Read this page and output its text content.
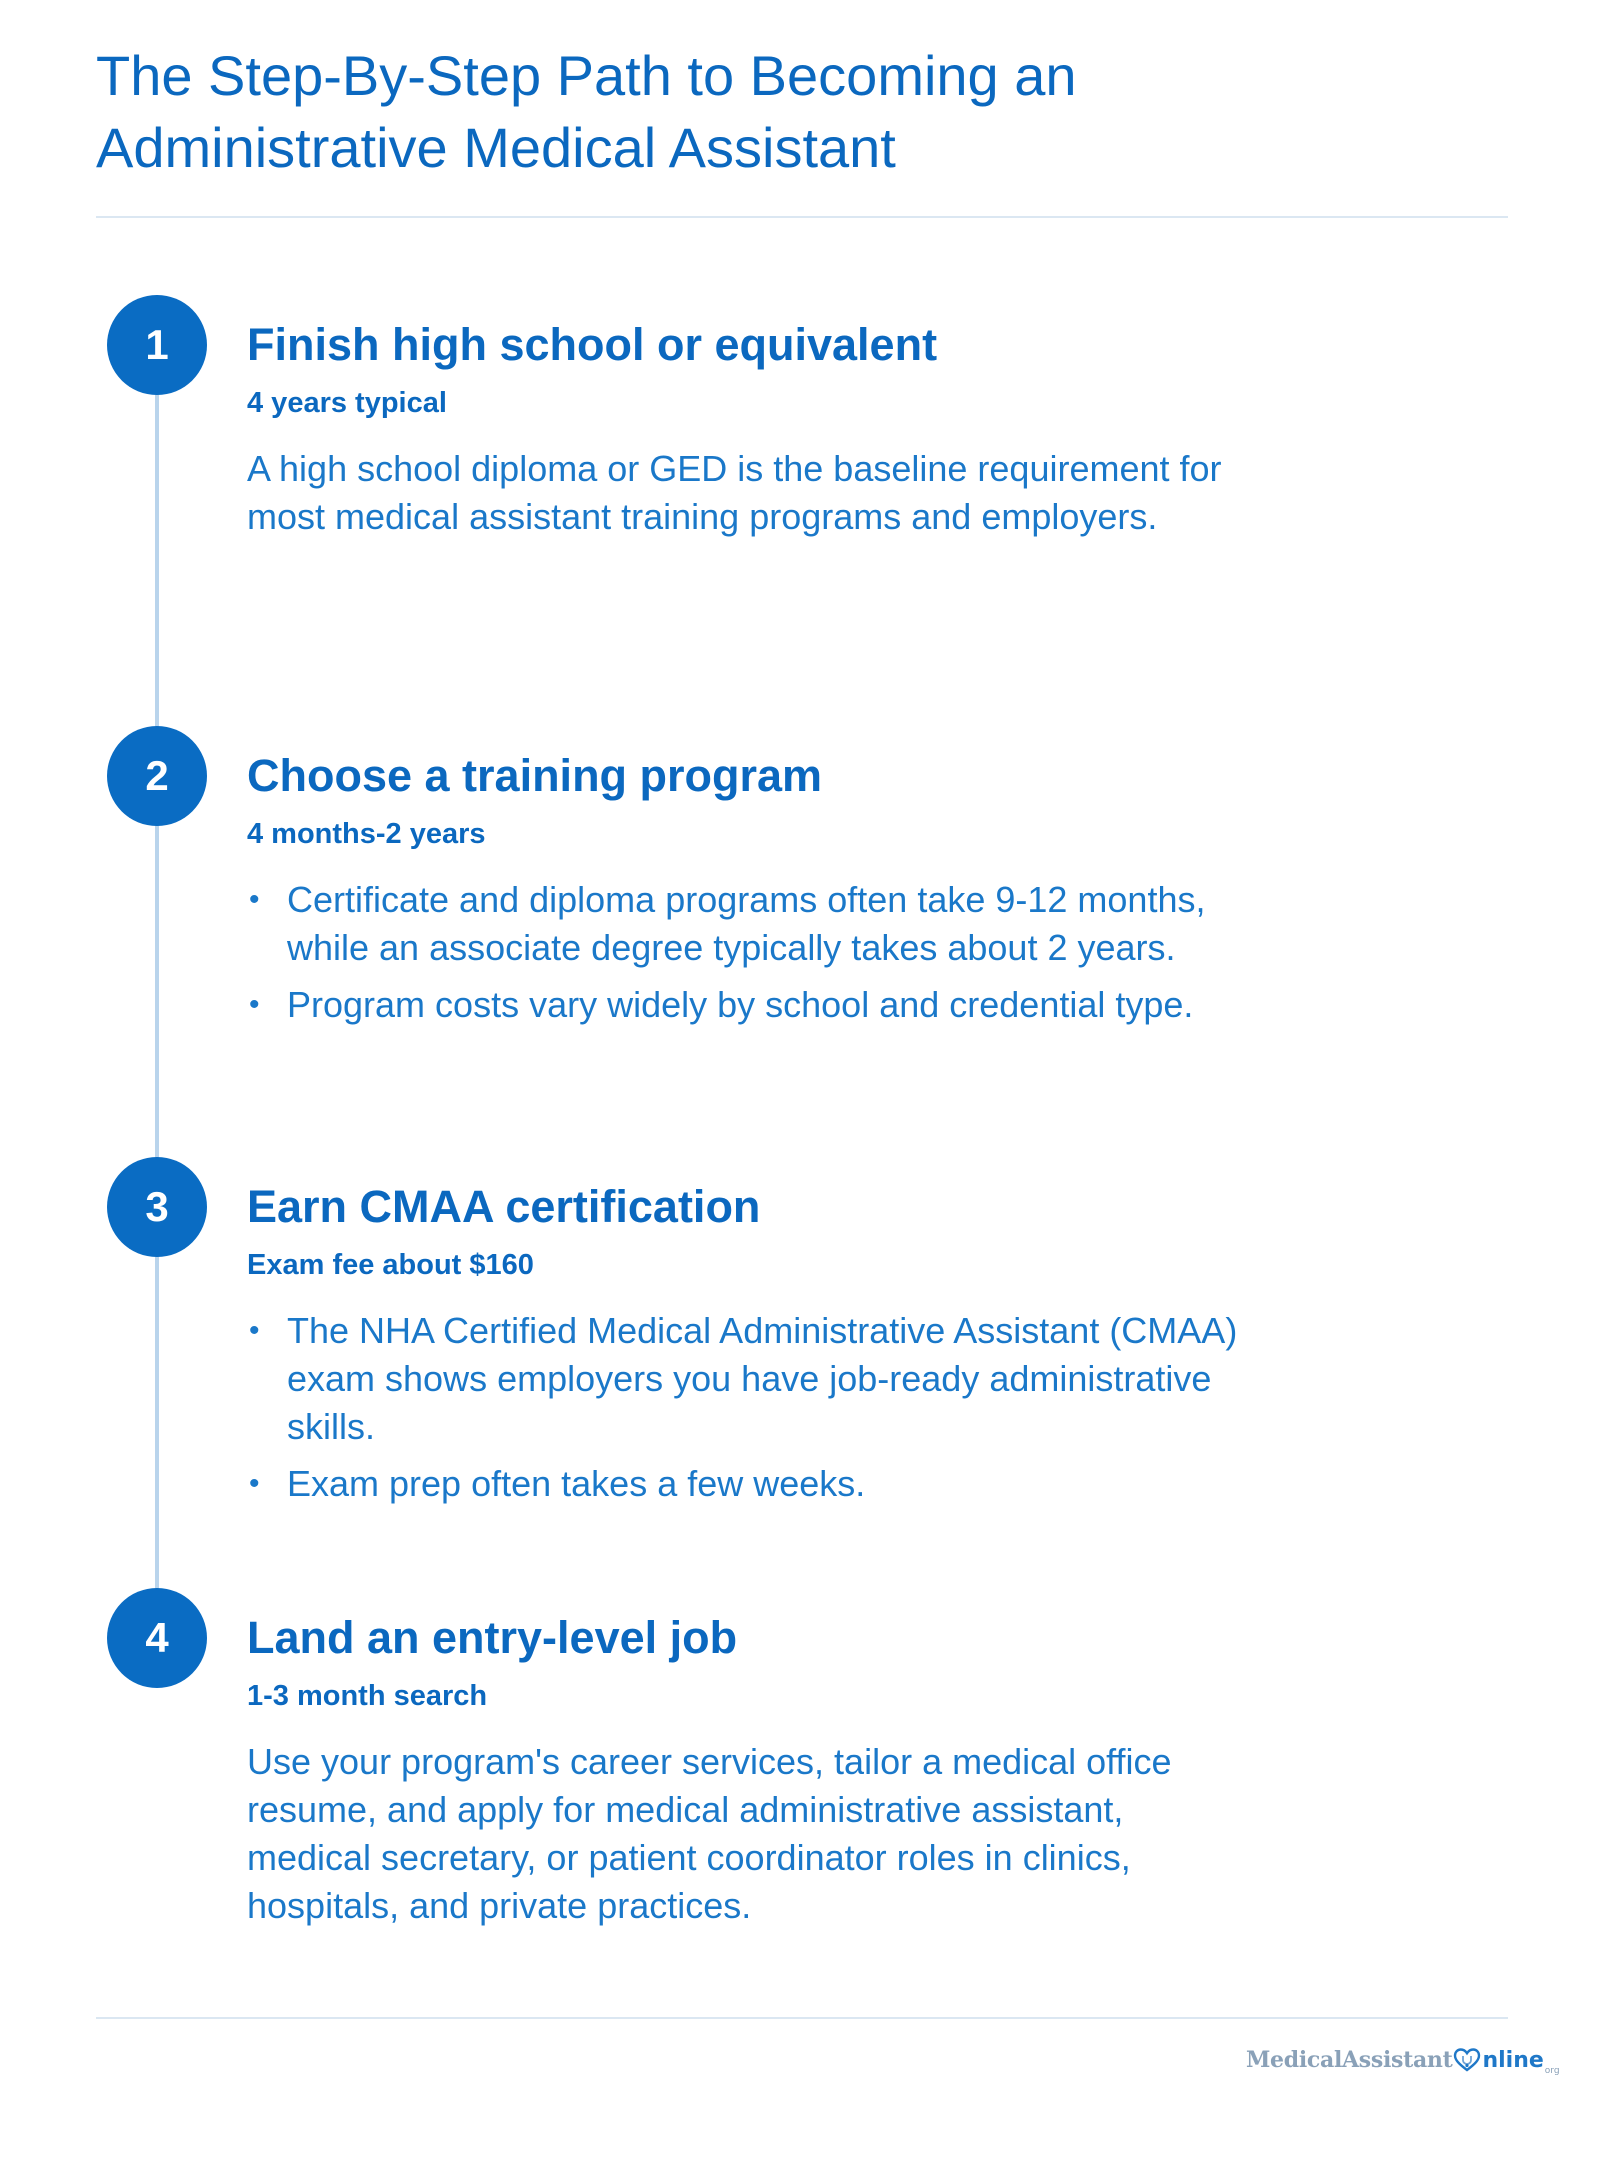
The Step-By-Step Path to Becoming an Administrative Medical Assistant
1	Finish high school or equivalent
4 years typical

A high school diploma or GED is the baseline requirement for most medical assistant training programs and employers.

2	Choose a training program
4 months-2 years
• Certificate and diploma programs often take 9-12 months, while an associate degree typically takes about 2 years.
• Program costs vary widely by school and credential type.
3	Earn CMAA certification
Exam fee about $160
• The NHA Certified Medical Administrative Assistant (CMAA) exam shows employers you have job-ready administrative skills.
• Exam prep often takes a few weeks.
4	Land an entry-level job
1-3 month search

Use your program's career services, tailor a medical office resume, and apply for medical administrative assistant, medical secretary, or patient coordinator roles in clinics, hospitals, and private practices.

MedicalAssistant nline org
